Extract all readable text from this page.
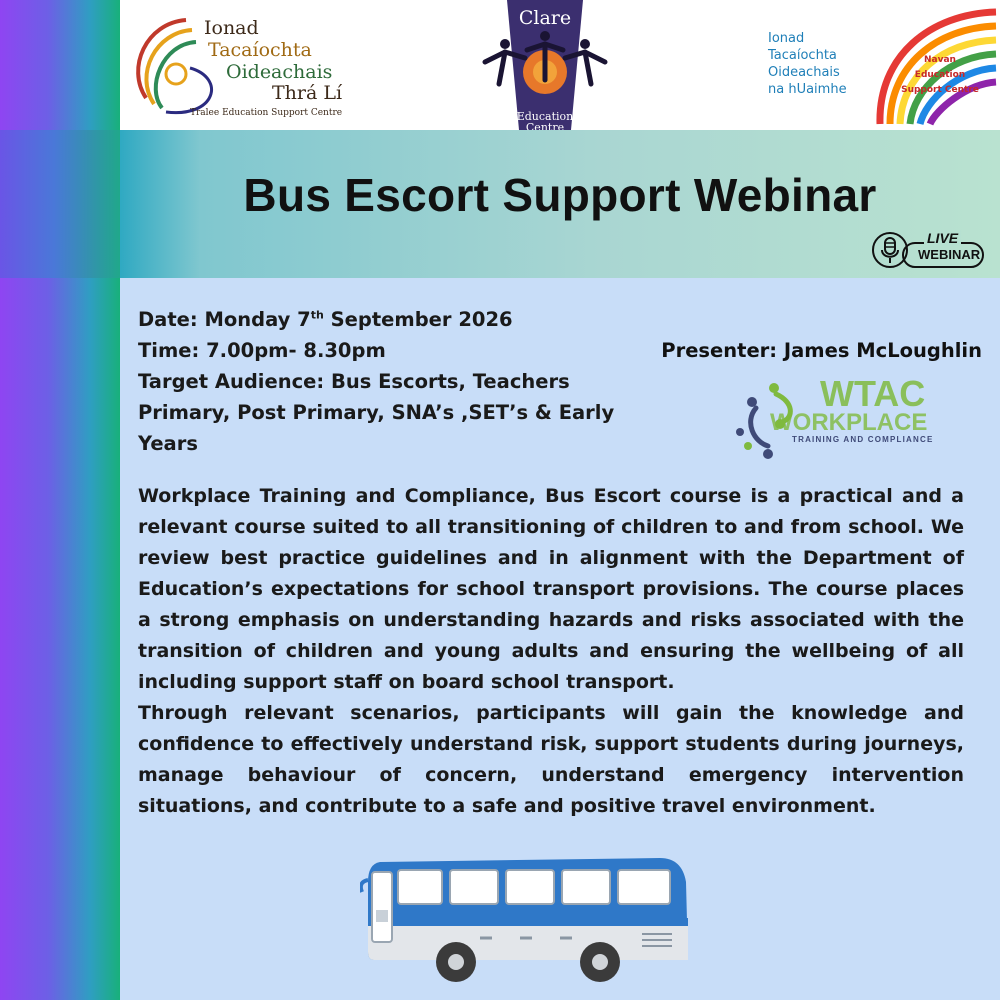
Ionad
Tacaíochta
Oideachais
Thrá Lí
Tralee Education Support Centre
Clare
Education
Centre
Ionad
Tacaíochta
Oideachais
na hUaimhe
Navan
Education
Support Centre
Bus Escort Support Webinar
LIVE
WEBINAR
Date: Monday 7th September 2026
Time: 7.00pm- 8.30pm
Target Audience: Bus Escorts, Teachers Primary, Post Primary, SNA’s ,SET’s & Early Years
Presenter: James McLoughlin
WTAC
WORKPLACE
TRAINING AND COMPLIANCE

Workplace Training and Compliance, Bus Escort course is a practical and a relevant course suited to all transitioning of children to and from school. We review best practice guidelines and in alignment with the Department of Education’s expectations for school transport provisions. The course places a strong emphasis on understanding hazards and risks associated with the transition of children and young adults and ensuring the wellbeing of all including support staff on board school transport.

Through relevant scenarios, participants will gain the knowledge and confidence to effectively understand risk, support students during journeys, manage behaviour of concern, understand emergency intervention situations, and contribute to a safe and positive travel environment.
